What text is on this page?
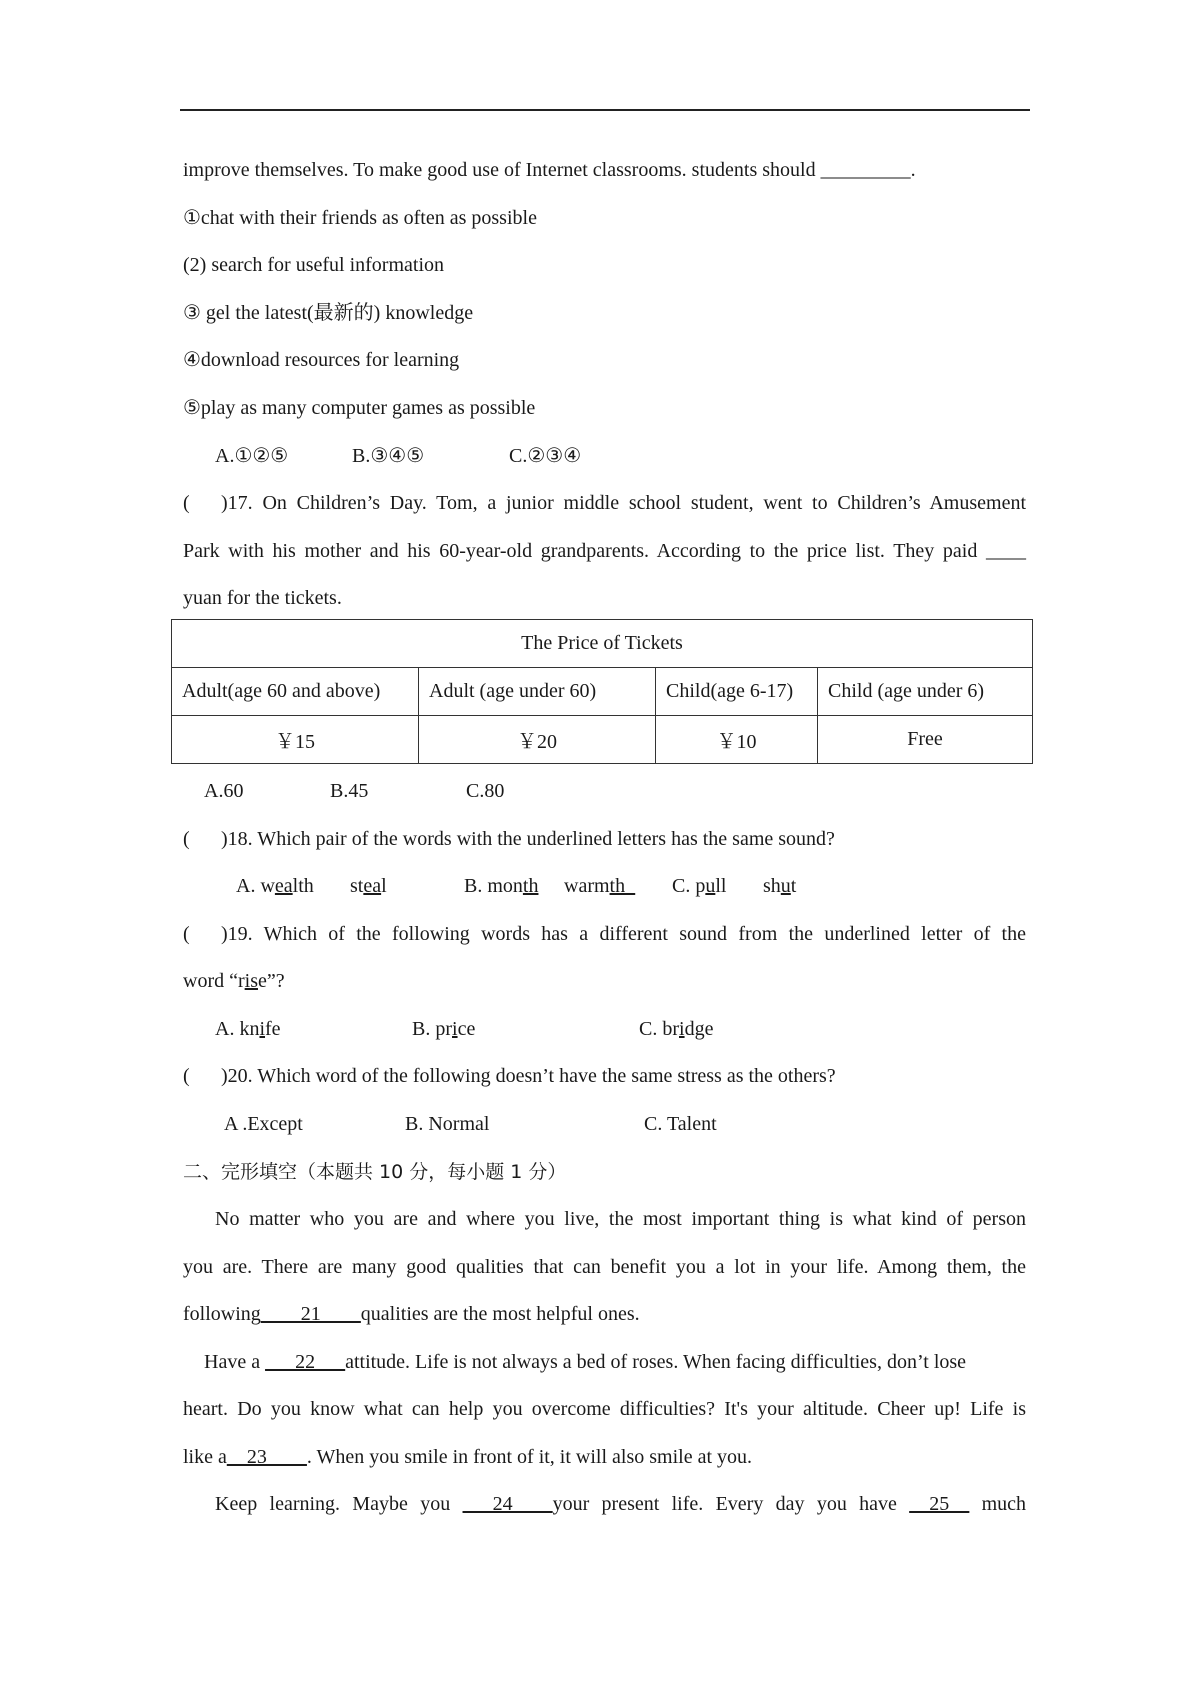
improve themselves. To make good use of Internet classrooms. students should _________.
①chat with their friends as often as possible
(2) search for useful information
③ gel the latest(最新的) knowledge
④download resources for learning
⑤play as many computer games as possible
A.①②⑤	B.③④⑤	C.②③④
( )17. On Children’s Day. Tom, a junior middle school student, went to Children’s Amusement
Park with his mother and his 60-year-old grandparents. According to the price list. They paid ____
yuan for the tickets.
The Price of Tickets			
Adult(age 60 and above)	Adult (age under 60)	Child(age 6-17)	Child (age under 6)
￥15	￥20	￥10	Free
A.60	B.45	C.80
( )18. Which pair of the words with the underlined letters has the same sound?
A. wealth steal	B. month warmth_ C. pull shut
( )19. Which of the following words has a different sound from the underlined letter of the
word “rise”?
A. knife	B. price	C. bridge
( )20. Which word of the following doesn’t have the same stress as the others?
A .Except	B. Normal	C. Talent
二、完形填空（本题共 10 分，每小题 1 分）
No matter who you are and where you live, the most important thing is what kind of person
you are. There are many good qualities that can benefit you a lot in your life. Among them, the
following____21____qualities are the most helpful ones.
Have a ___22___attitude. Life is not always a bed of roses. When facing difficulties, don’t lose
heart. Do you know what can help you overcome difficulties? It's your altitude. Cheer up! Life is
like a__23____. When you smile in front of it, it will also smile at you.
Keep learning. Maybe you ___24____your present life. Every day you have __25__ much
